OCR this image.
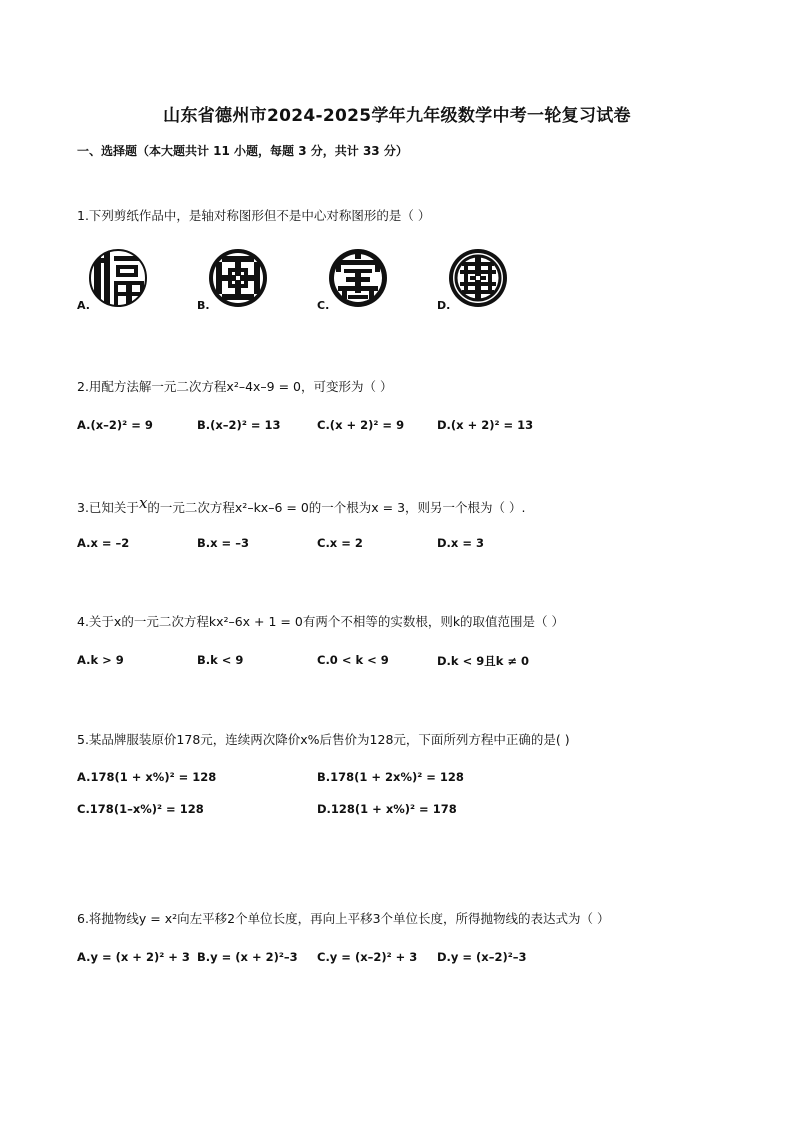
山东省德州市2024-2025学年九年级数学中考一轮复习试卷
一、选择题（本大题共计 11 小题，每题 3 分，共计 33 分）
1.下列剪纸作品中，是轴对称图形但不是中心对称图形的是（ ）
A.	B.	C.	D.
2.用配方法解一元二次方程x²–4x–9 = 0，可变形为（ ）
A.(x–2)² = 9	B.(x–2)² = 13	C.(x + 2)² = 9	D.(x + 2)² = 13
3.已知关于x的一元二次方程x²–kx–6 = 0的一个根为x = 3，则另一个根为（ ）.
A.x = –2	B.x = –3	C.x = 2	D.x = 3
4.关于x的一元二次方程kx²–6x + 1 = 0有两个不相等的实数根，则k的取值范围是（ ）
A.k > 9	B.k < 9	C.0 < k < 9	D.k < 9且k ≠ 0
5.某品牌服装原价178元，连续两次降价x%后售价为128元，下面所列方程中正确的是( )
A.178(1 + x%)² = 128	B.178(1 + 2x%)² = 128
C.178(1–x%)² = 128	D.128(1 + x%)² = 178
6.将抛物线y = x²向左平移2个单位长度，再向上平移3个单位长度，所得抛物线的表达式为（ ）
A.y = (x + 2)² + 3 B.y = (x + 2)²–3 C.y = (x–2)² + 3 D.y = (x–2)²–3
